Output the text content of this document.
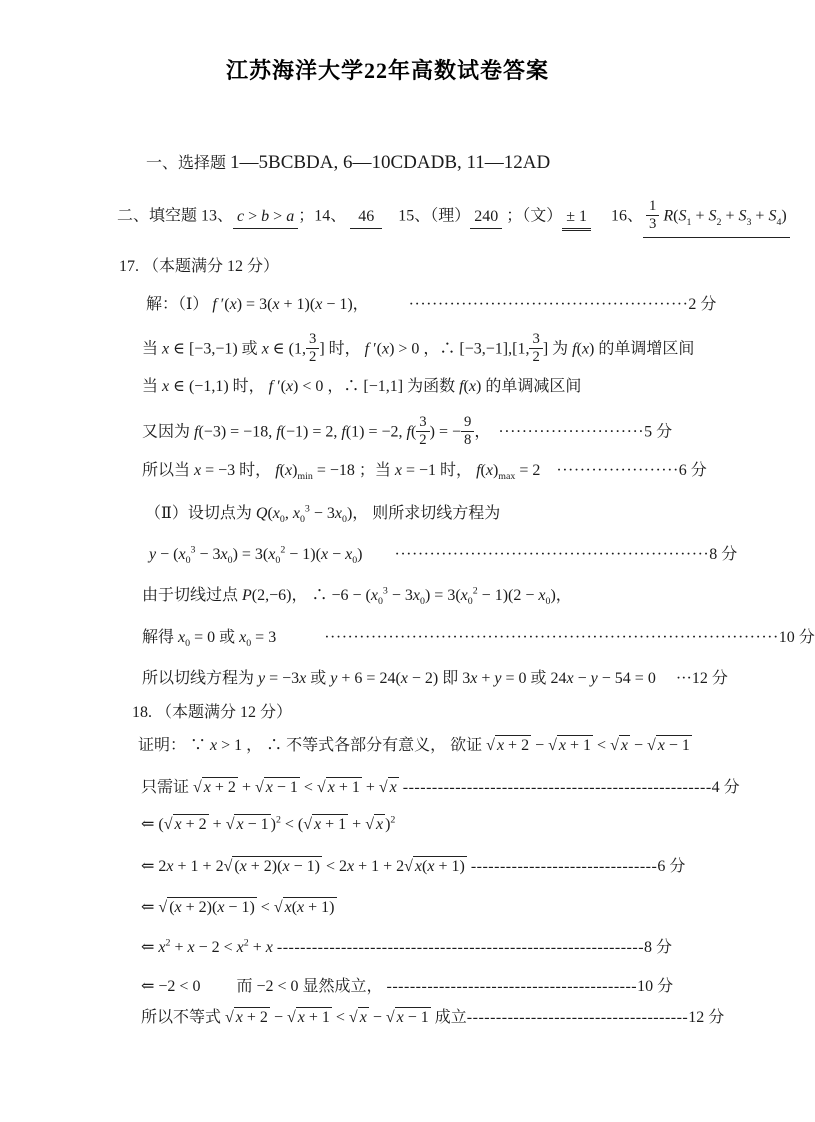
江苏海洋大学22年高数试卷答案
一、选择题 1—5BCBDA, 6—10CDADB, 11—12AD
二、填空题 13、 c > b > a ；14、  46 　15、（理） 240 ；（文） ± 1　 16、 $\frac{1}{3} R(S_1 + S_2 + S_3 + S_4)$
17. （本题满分 12 分）
解：（Ⅰ） f ′(x) = 3(x + 1)(x − 1)，　　　················································2 分
当 x ∈ [−3,−1) 或 x ∈ (1, $\frac{3}{2}$ ] 时， f ′(x) > 0 ，∴ [−3,−1],[1, $\frac{3}{2}$ ] 为 f(x) 的单调增区间
当 x ∈ (−1,1) 时， f ′(x) < 0 ，∴ [−1,1] 为函数 f(x) 的单调减区间
又因为 f(−3) = −18, f(−1) = 2, f(1) = −2, $f( \frac{3}{2}$ ) = − $\frac{9}{8}$ ，　·························5 分
所以当 x = −3 时， $f(x)_{min} = -18$ ；当 x = −1 时， $f(x)_{max} = 2$　·····················6 分
（Ⅱ）设切点为 $Q(x_0$, $x_0^3 - 3x_0$)， 则所求切线方程为
$y - (x_0^3 - 3x_0) = 3(x_0^2 - 1)(x - x_0)$　　······················································8 分
由于切线过点 P(2,−6)， ∴ $-6 - (x_0^3 - 3x_0) = 3(x_0^2 - 1)(2 - x_0)$，
解得 $x_0 = 0$ 或 $x_0 = 3$　　　··············································································10 分
所以切线方程为 y = −3x 或 y + 6 = 24(x − 2) 即 3x + y = 0 或 24x − y − 54 = 0　 ···12 分
18. （本题满分 12 分）
证明： ∵ x > 1 ， ∴ 不等式各部分有意义， 欲证 √ x + 2 − √ x + 1 < √ x − √ x − 1
只需证 √ x + 2 + √ x − 1 < √ x + 1 + √ x -----------------------------------------------------4 分
⇐ (√ x + 2 + √ x − 1 )$^2$ < (√ x + 1 + √ x )$^2$
⇐ 2x + 1 + 2√ (x + 2)(x − 1) < 2x + 1 + 2√ x(x + 1) --------------------------------6 分
⇐ √ (x + 2)(x − 1) < √ x(x + 1)
⇐ $x^2 + x - 2 < x^2 + x$ ---------------------------------------------------------------8 分
⇐ −2 < 0　　 而 −2 < 0 显然成立， -------------------------------------------10 分
所以不等式 √ x + 2 − √ x + 1 < √ x − √ x − 1 成立--------------------------------------12 分
